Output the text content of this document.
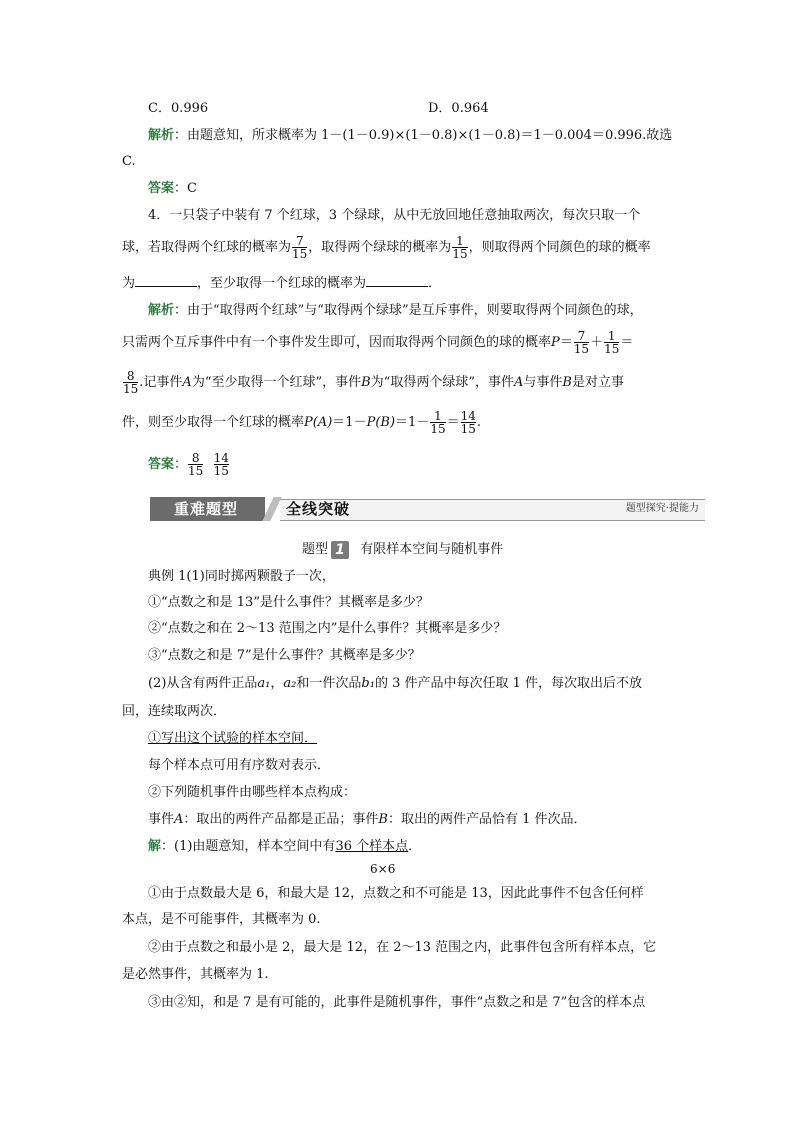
C．0.996	D．0.964
解析：由题意知，所求概率为 1－(1－0.9)×(1－0.8)×(1－0.8)＝1－0.004＝0.996.故选
C.
答案：C
4．一只袋子中装有 7 个红球，3 个绿球，从中无放回地任意抽取两次，每次只取一个
球，若取得两个红球的概率为 $\frac{7}{15}$ ，取得两个绿球的概率为 $\frac{1}{15}$ ，则取得两个同颜色的球的概率
为	，至少取得一个红球的概率为	．
解析：由于“取得两个红球”与“取得两个绿球”是互斥事件，则要取得两个同颜色的球，
只需两个互斥事件中有一个事件发生即可，因而取得两个同颜色的球的概率$P= \frac{7}{15} + \frac{1}{15}$ ＝
$\frac{8}{15}$ .记事件A为“至少取得一个红球”，事件B为“取得两个绿球”，事件A与事件B是对立事
件，则至少取得一个红球的概率$P(A)=1-P(B)=1- \frac{1}{15} = \frac{14}{15}$ .
答案： $\frac{8}{15}$
$\frac{14}{15}$
重难题型	全线突破	题型探究·提能力
题型 1 有限样本空间与随机事件
典例 1(1)同时掷两颗骰子一次，
①“点数之和是 13”是什么事件？其概率是多少？
②“点数之和在 2～13 范围之内”是什么事件？其概率是多少？
③“点数之和是 7”是什么事件？其概率是多少？
(2)从含有两件正品a₁，a₂和一件次品b₁的 3 件产品中每次任取 1 件，每次取出后不放
回，连续取两次．
①写出这个试验的样本空间．
每个样本点可用有序数对表示．
②下列随机事件由哪些样本点构成：
事件A：取出的两件产品都是正品；事件B：取出的两件产品恰有 1 件次品．
解：(1)由题意知，样本空间中有36 个样本点．
6×6
①由于点数最大是 6，和最大是 12，点数之和不可能是 13，因此此事件不包含任何样
本点，是不可能事件，其概率为 0.
②由于点数之和最小是 2，最大是 12，在 2～13 范围之内，此事件包含所有样本点，它
是必然事件，其概率为 1.
③由②知，和是 7 是有可能的，此事件是随机事件，事件“点数之和是 7”包含的样本点
